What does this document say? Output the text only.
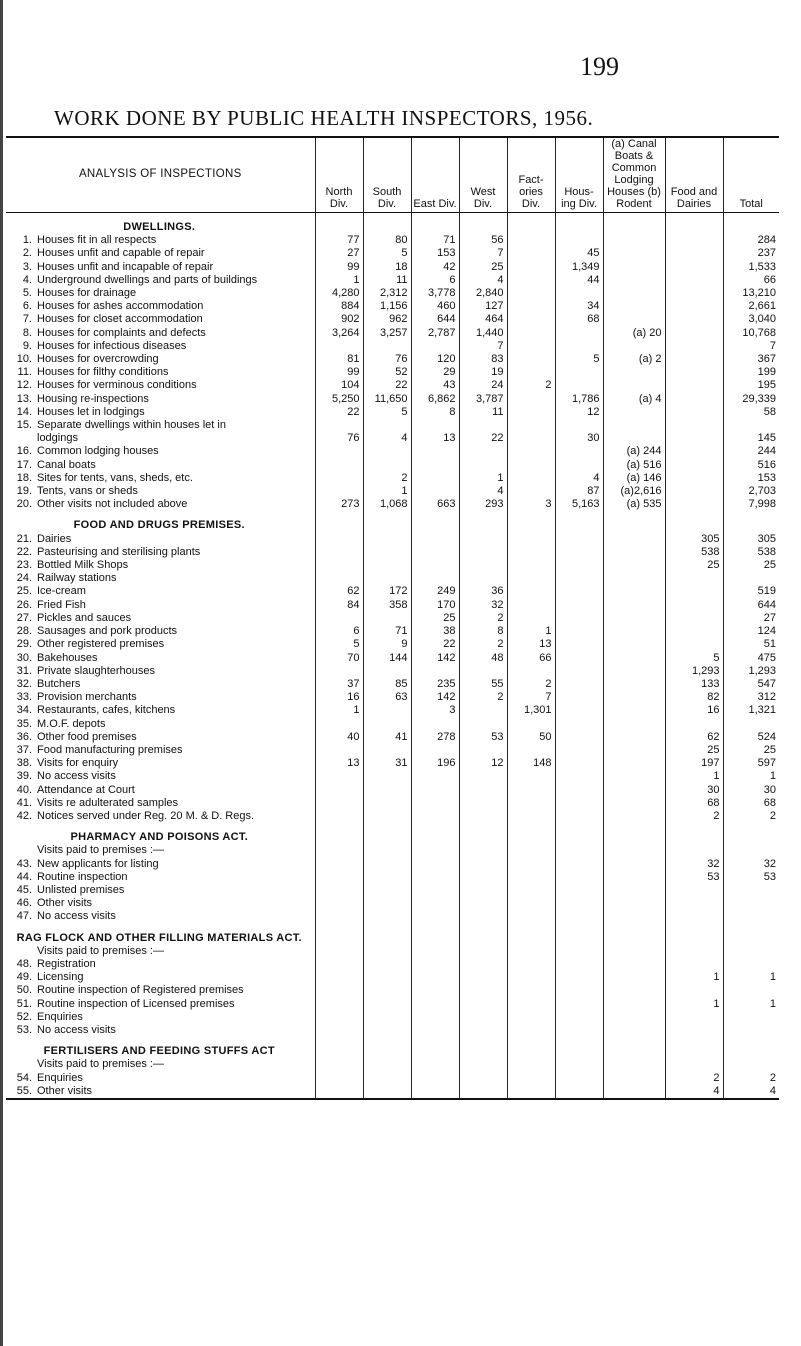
199
WORK DONE BY PUBLIC HEALTH INSPECTORS, 1956.
ANALYSIS OF INSPECTIONS	North Div.	South Div.	East Div.	West Div.	Fact- ories Div.	Hous- ing Div.	(a) Canal Boats & Common Lodging Houses (b) Rodent	Food and Dairies	Total
DWELLINGS.									
1. Houses fit in all respects	77	80	71	56					284
2. Houses unfit and capable of repair	27	5	153	7		45			237
3. Houses unfit and incapable of repair	99	18	42	25		1,349			1,533
4. Underground dwellings and parts of buildings	1	11	6	4		44			66
5. Houses for drainage	4,280	2,312	3,778	2,840					13,210
6. Houses for ashes accommodation	884	1,156	460	127		34			2,661
7. Houses for closet accommodation	902	962	644	464		68			3,040
8. Houses for complaints and defects	3,264	3,257	2,787	1,440			(a) 20		10,768
9. Houses for infectious diseases				7					7
10. Houses for overcrowding	81	76	120	83		5	(a) 2		367
11. Houses for filthy conditions	99	52	29	19					199
12. Houses for verminous conditions	104	22	43	24	2				195
13. Housing re-inspections	5,250	11,650	6,862	3,787		1,786	(a) 4		29,339
14. Houses let in lodgings	22	5	8	11		12			58
15. Separate dwellings within houses let in									
lodgings	76	4	13	22		30			145
16. Common lodging houses							(a) 244		244
17. Canal boats							(a) 516		516
18. Sites for tents, vans, sheds, etc.		2		1		4	(a) 146		153
19. Tents, vans or sheds		1		4		87	(a)2,616		2,703
20. Other visits not included above	273	1,068	663	293	3	5,163	(a) 535		7,998
FOOD AND DRUGS PREMISES.									
21. Dairies								305	305
22. Pasteurising and sterilising plants								538	538
23. Bottled Milk Shops								25	25
24. Railway stations									
25. Ice-cream	62	172	249	36					519
26. Fried Fish	84	358	170	32					644
27. Pickles and sauces			25	2					27
28. Sausages and pork products	6	71	38	8	1				124
29. Other registered premises	5	9	22	2	13				51
30. Bakehouses	70	144	142	48	66			5	475
31. Private slaughterhouses								1,293	1,293
32. Butchers	37	85	235	55	2			133	547
33. Provision merchants	16	63	142	2	7			82	312
34. Restaurants, cafes, kitchens	1		3		1,301			16	1,321
35. M.O.F. depots									
36. Other food premises	40	41	278	53	50			62	524
37. Food manufacturing premises								25	25
38. Visits for enquiry	13	31	196	12	148			197	597
39. No access visits								1	1
40. Attendance at Court								30	30
41. Visits re adulterated samples								68	68
42. Notices served under Reg. 20 M. & D. Regs.								2	2
PHARMACY AND POISONS ACT.									
Visits paid to premises :—									
43. New applicants for listing								32	32
44. Routine inspection								53	53
45. Unlisted premises									
46. Other visits									
47. No access visits									
RAG FLOCK AND OTHER FILLING MATERIALS ACT.									
Visits paid to premises :—									
48. Registration									
49. Licensing								1	1
50. Routine inspection of Registered premises									
51. Routine inspection of Licensed premises								1	1
52. Enquiries									
53. No access visits									
FERTILISERS AND FEEDING STUFFS ACT									
Visits paid to premises :—									
54. Enquiries								2	2
55. Other visits								4	4
